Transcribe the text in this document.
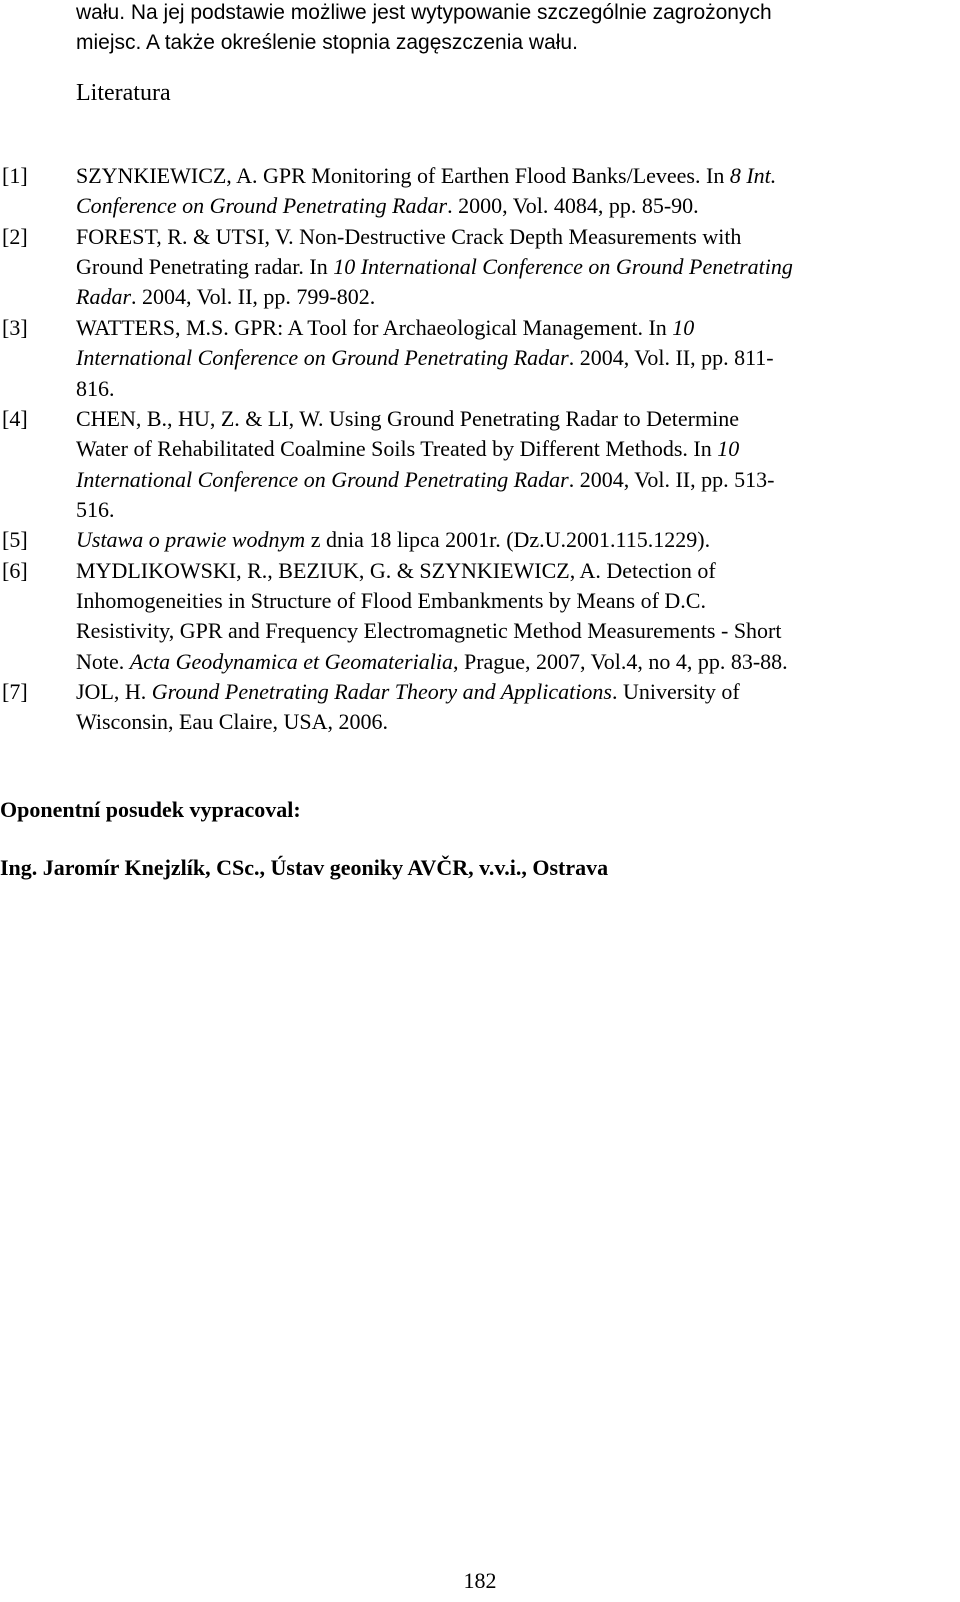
wału. Na jej podstawie możliwe jest wytypowanie szczególnie zagrożonych
miejsc. A także określenie stopnia zagęszczenia wału.
Literatura
[1] SZYNKIEWICZ, A. GPR Monitoring of Earthen Flood Banks/Levees. In 8 Int.
Conference on Ground Penetrating Radar. 2000, Vol. 4084, pp. 85-90.
[2] FOREST, R. & UTSI, V. Non-Destructive Crack Depth Measurements with
Ground Penetrating radar. In 10 International Conference on Ground Penetrating
Radar. 2004, Vol. II, pp. 799-802.
[3] WATTERS, M.S. GPR: A Tool for Archaeological Management. In 10
International Conference on Ground Penetrating Radar. 2004, Vol. II, pp. 811-
816.
[4] CHEN, B., HU, Z. & LI, W. Using Ground Penetrating Radar to Determine
Water of Rehabilitated Coalmine Soils Treated by Different Methods. In 10
International Conference on Ground Penetrating Radar. 2004, Vol. II, pp. 513-
516.
[5] Ustawa o prawie wodnym z dnia 18 lipca 2001r. (Dz.U.2001.115.1229).
[6] MYDLIKOWSKI, R., BEZIUK, G. & SZYNKIEWICZ, A. Detection of
Inhomogeneities in Structure of Flood Embankments by Means of D.C.
Resistivity, GPR and Frequency Electromagnetic Method Measurements - Short
Note. Acta Geodynamica et Geomaterialia, Prague, 2007, Vol.4, no 4, pp. 83-88.
[7] JOL, H. Ground Penetrating Radar Theory and Applications. University of
Wisconsin, Eau Claire, USA, 2006.
Oponentní posudek vypracoval:
Ing. Jaromír Knejzlík, CSc., Ústav geoniky AVČR, v.v.i., Ostrava
182
